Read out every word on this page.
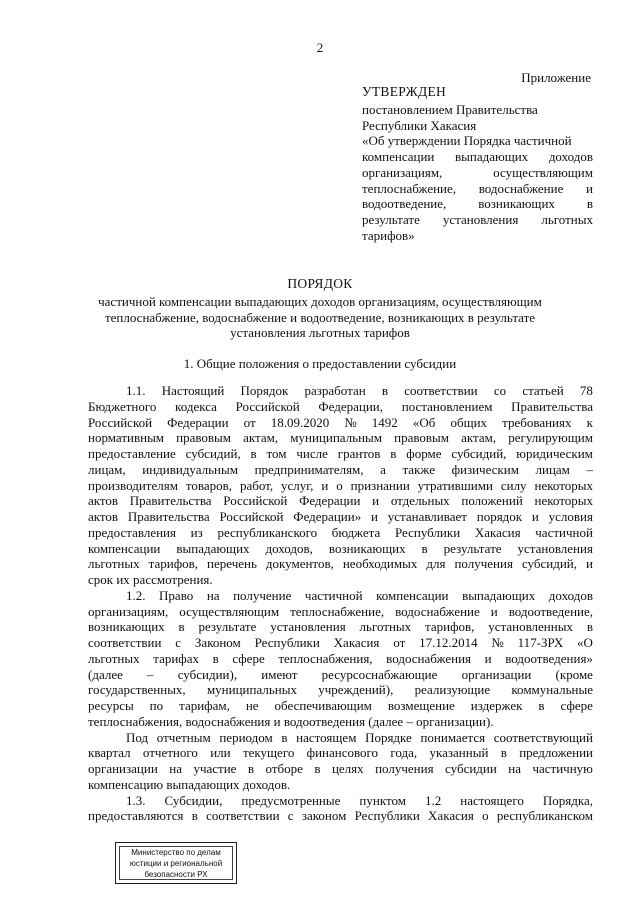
2
Приложение
УТВЕРЖДЕН
постановлением Правительства
Республики Хакасия
«Об утверждении Порядка частичной
компенсации выпадающих доходов
организациям,	осуществляющим
теплоснабжение, водоснабжение и
водоотведение, возникающих в
результате установления льготных
тарифов»
ПОРЯДОК
частичной компенсации выпадающих доходов организациям, осуществляющим
теплоснабжение, водоснабжение и водоотведение, возникающих в результате
установления льготных тарифов
1. Общие положения о предоставлении субсидии
1.1. Настоящий Порядок разработан в соответствии со статьей 78
Бюджетного кодекса Российской Федерации, постановлением Правительства
Российской Федерации от 18.09.2020 № 1492 «Об общих требованиях к
нормативным правовым актам, муниципальным правовым актам, регулирующим
предоставление субсидий, в том числе грантов в форме субсидий, юридическим
лицам, индивидуальным предпринимателям, а также физическим лицам –
производителям товаров, работ, услуг, и о признании утратившими силу некоторых
актов Правительства Российской Федерации и отдельных положений некоторых
актов Правительства Российской Федерации» и устанавливает порядок и условия
предоставления из республиканского бюджета Республики Хакасия частичной
компенсации выпадающих доходов, возникающих в результате установления
льготных тарифов, перечень документов, необходимых для получения субсидий, и
срок их рассмотрения.
1.2. Право на получение частичной компенсации выпадающих доходов
организациям, осуществляющим теплоснабжение, водоснабжение и водоотведение,
возникающих в результате установления льготных тарифов, установленных в
соответствии с Законом Республики Хакасия от 17.12.2014 № 117-ЗРХ «О
льготных тарифах в сфере теплоснабжения, водоснабжения и водоотведения»
(далее – субсидии), имеют ресурсоснабжающие организации (кроме
государственных, муниципальных учреждений), реализующие коммунальные
ресурсы по тарифам, не обеспечивающим возмещение издержек в сфере
теплоснабжения, водоснабжения и водоотведения (далее – организации).
Под отчетным периодом в настоящем Порядке понимается соответствующий
квартал отчетного или текущего финансового года, указанный в предложении
организации на участие в отборе в целях получения субсидии на частичную
компенсацию выпадающих доходов.
1.3. Субсидии, предусмотренные пунктом 1.2 настоящего Порядка,
предоставляются в соответствии с законом Республики Хакасия о республиканском
Министерство по делам
юстиции и региональной
безопасности РХ
